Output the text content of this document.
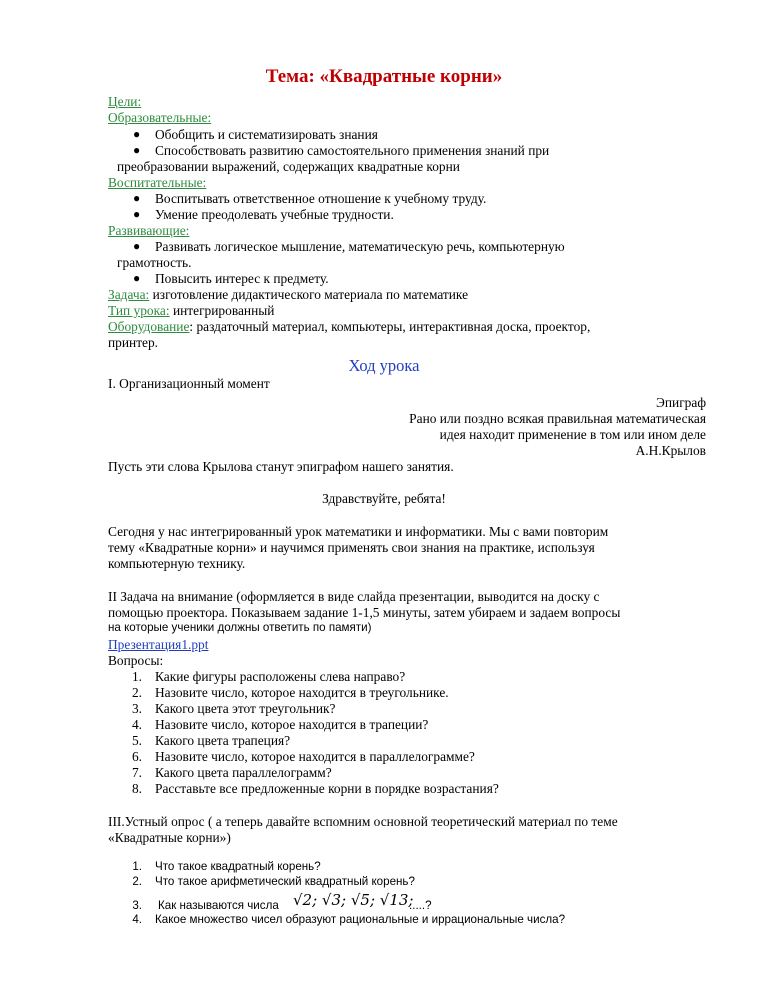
Тема: «Квадратные корни»
Цели:
Образовательные:
● Обобщить и систематизировать знания
● Способствовать развитию самостоятельного применения знаний при
преобразовании выражений, содержащих квадратные корни
Воспитательные:
● Воспитывать ответственное отношение к учебному труду.
● Умение преодолевать учебные трудности.
Развивающие:
● Развивать логическое мышление, математическую речь, компьютерную
грамотность.
● Повысить интерес к предмету.
Задача: изготовление дидактического материала по математике
Тип урока: интегрированный
Оборудование: раздаточный материал, компьютеры, интерактивная доска, проектор,
принтер.
Ход урока
I. Организационный момент
Эпиграф
Рано или поздно всякая правильная математическая
идея находит применение в том или ином деле
А.Н.Крылов
Пусть эти слова Крылова станут эпиграфом нашего занятия.
Здравствуйте, ребята!
Сегодня у нас интегрированный урок математики и информатики. Мы с вами повторим
тему «Квадратные корни» и научимся применять свои знания на практике, используя
компьютерную технику.
II Задача на внимание (оформляется в виде слайда презентации, выводится на доску с
помощью проектора. Показываем задание 1-1,5 минуты, затем убираем и задаем вопросы
на которые ученики должны ответить по памяти)
Презентация1.ppt
Вопросы:
1. Какие фигуры расположены слева направо?
2. Назовите число, которое находится в треугольнике.
3. Какого цвета этот треугольник?
4. Назовите число, которое находится в трапеции?
5. Какого цвета трапеция?
6. Назовите число, которое находится в параллелограмме?
7. Какого цвета параллелограмм?
8. Расставьте все предложенные корни в порядке возрастания?
III.Устный опрос ( а теперь давайте вспомним основной теоретический материал по теме
«Квадратные корни»)
1. Что такое квадратный корень?
2. Что такое арифметический квадратный корень?
3. Как называются числа √2; √3; √5; √13;
.....?
4. Какое множество чисел образуют рациональные и иррациональные числа?
